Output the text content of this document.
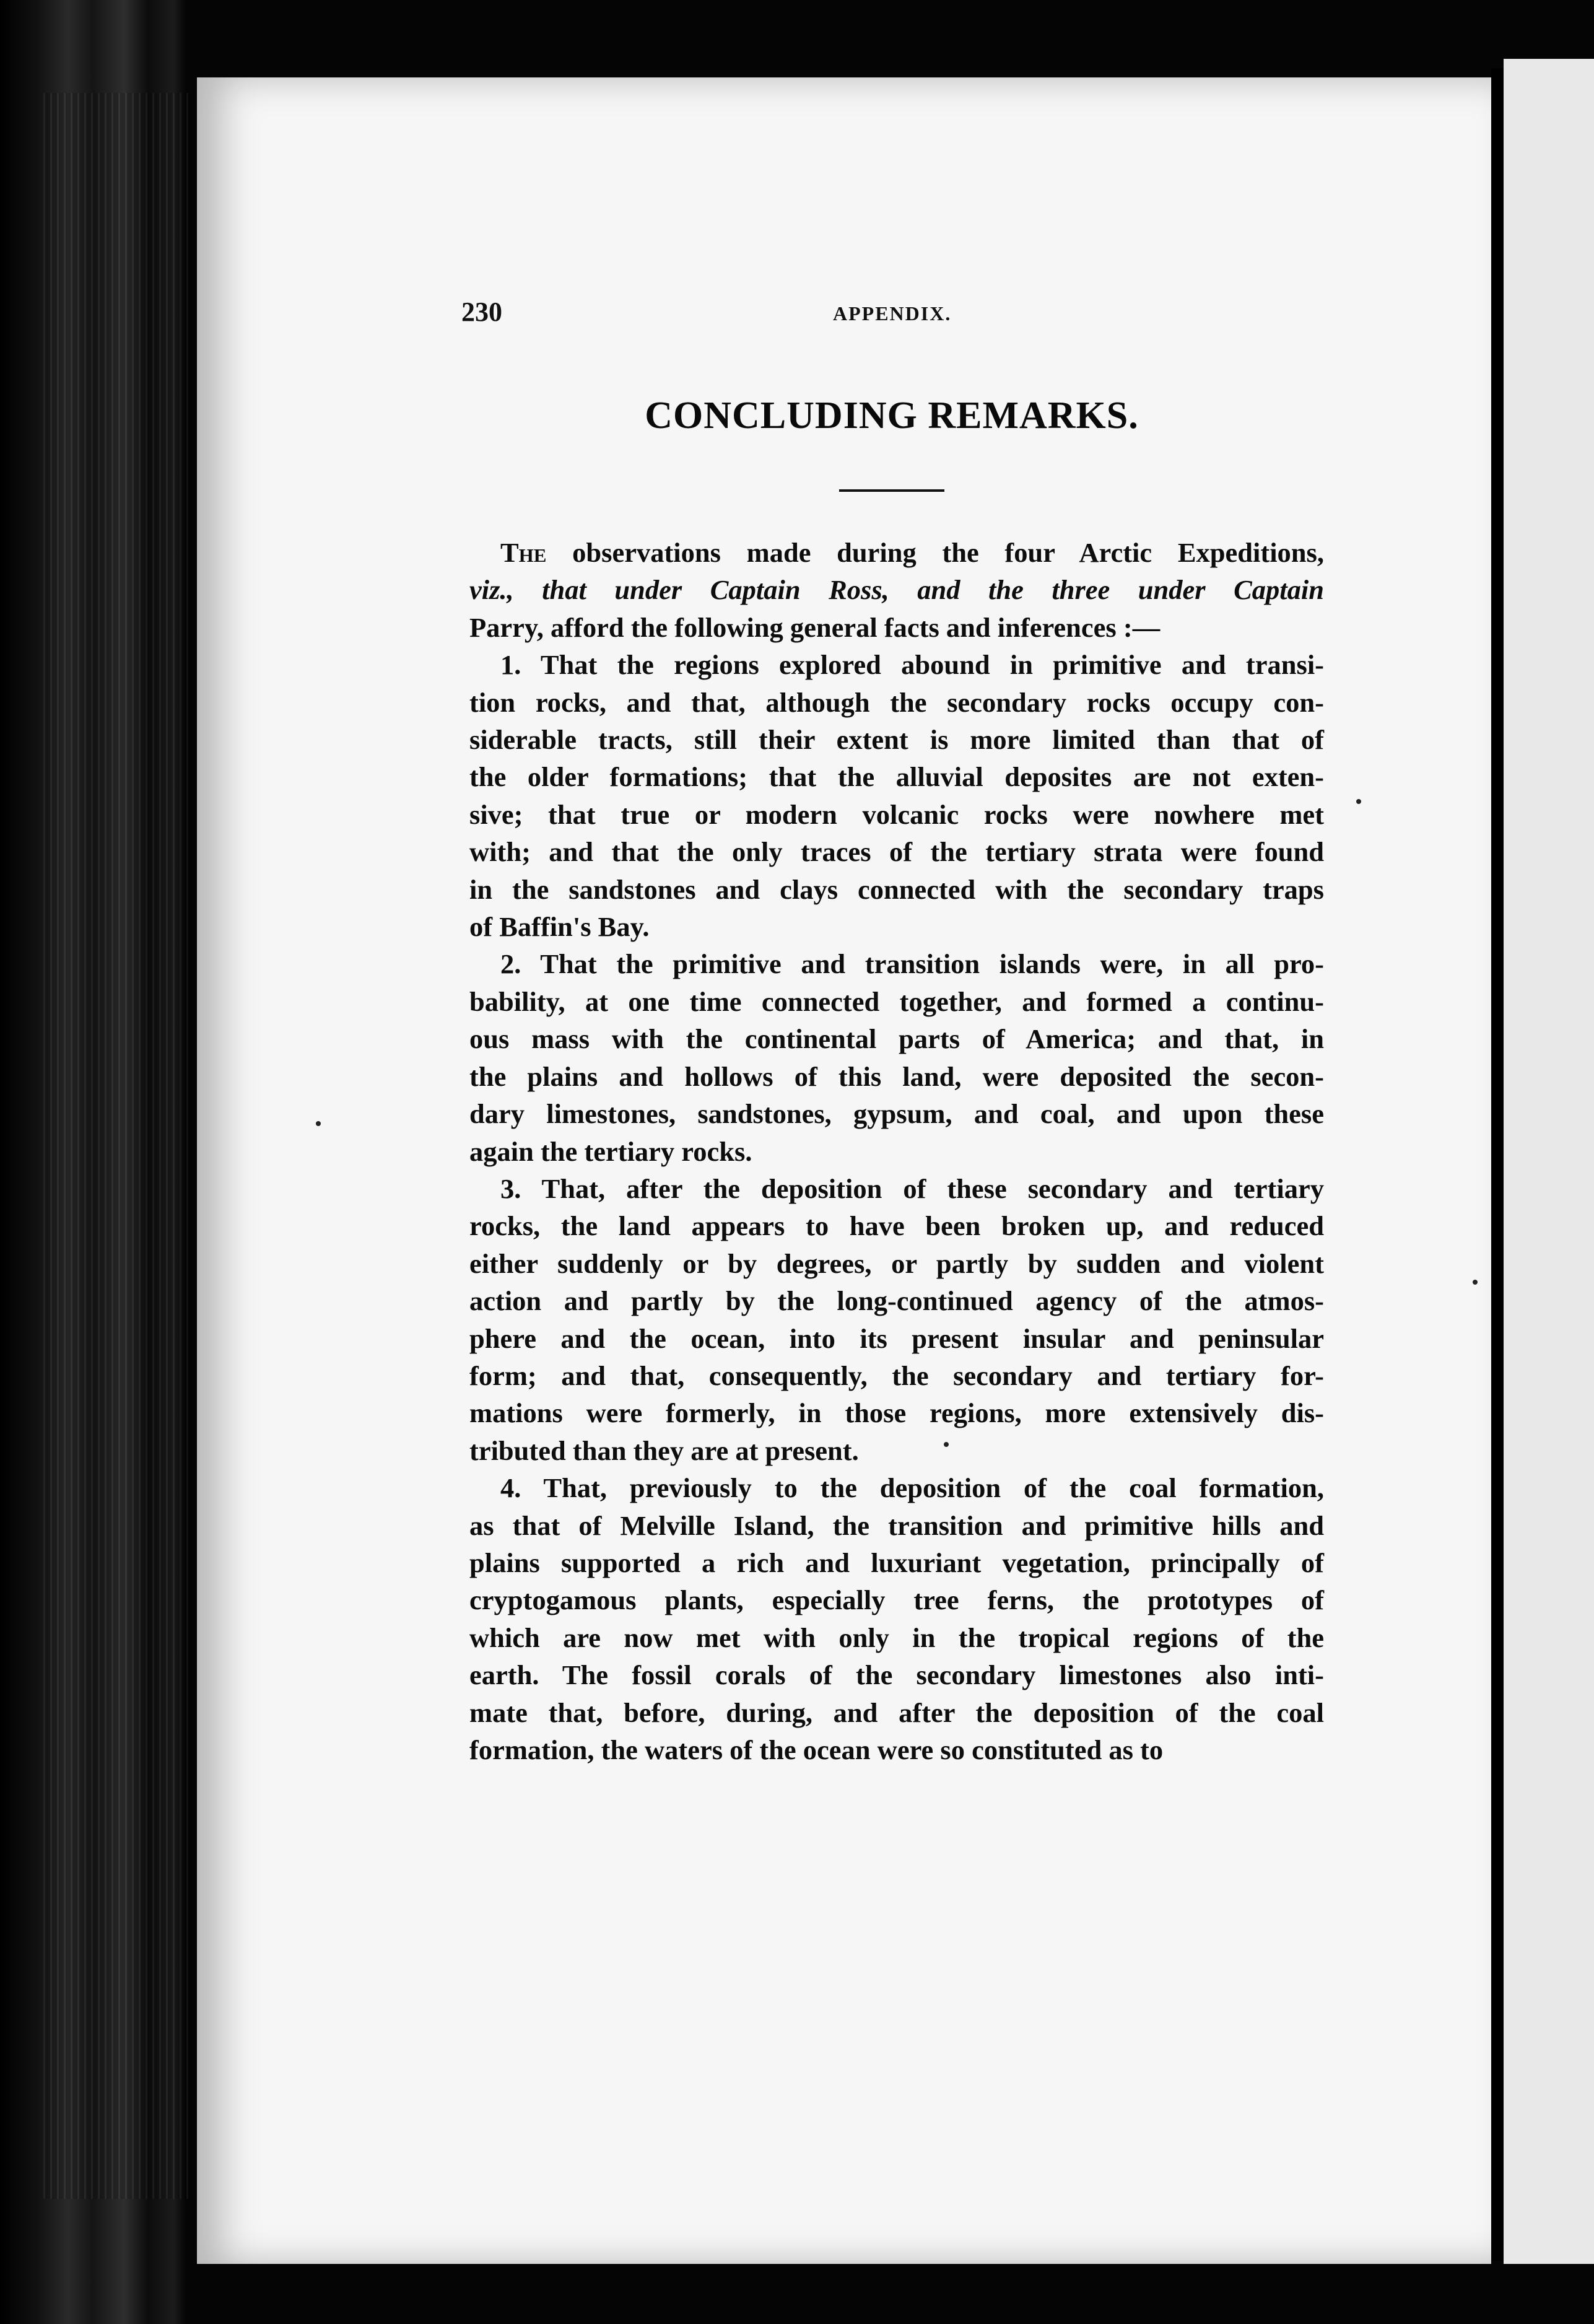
230	APPENDIX.
CONCLUDING REMARKS.
The observations made during the four Arctic Expeditions,
viz., that under Captain Ross, and the three under Captain
Parry, afford the following general facts and inferences :—
1. That the regions explored abound in primitive and transi-
tion rocks, and that, although the secondary rocks occupy con-
siderable tracts, still their extent is more limited than that of
the older formations; that the alluvial deposites are not exten-
sive; that true or modern volcanic rocks were nowhere met
with; and that the only traces of the tertiary strata were found
in the sandstones and clays connected with the secondary traps
of Baffin's Bay.
2. That the primitive and transition islands were, in all pro-
bability, at one time connected together, and formed a continu-
ous mass with the continental parts of America; and that, in
the plains and hollows of this land, were deposited the secon-
dary limestones, sandstones, gypsum, and coal, and upon these
again the tertiary rocks.
3. That, after the deposition of these secondary and tertiary
rocks, the land appears to have been broken up, and reduced
either suddenly or by degrees, or partly by sudden and violent
action and partly by the long-continued agency of the atmos-
phere and the ocean, into its present insular and peninsular
form; and that, consequently, the secondary and tertiary for-
mations were formerly, in those regions, more extensively dis-
tributed than they are at present.
4. That, previously to the deposition of the coal formation,
as that of Melville Island, the transition and primitive hills and
plains supported a rich and luxuriant vegetation, principally of
cryptogamous plants, especially tree ferns, the prototypes of
which are now met with only in the tropical regions of the
earth. The fossil corals of the secondary limestones also inti-
mate that, before, during, and after the deposition of the coal
formation, the waters of the ocean were so constituted as to
